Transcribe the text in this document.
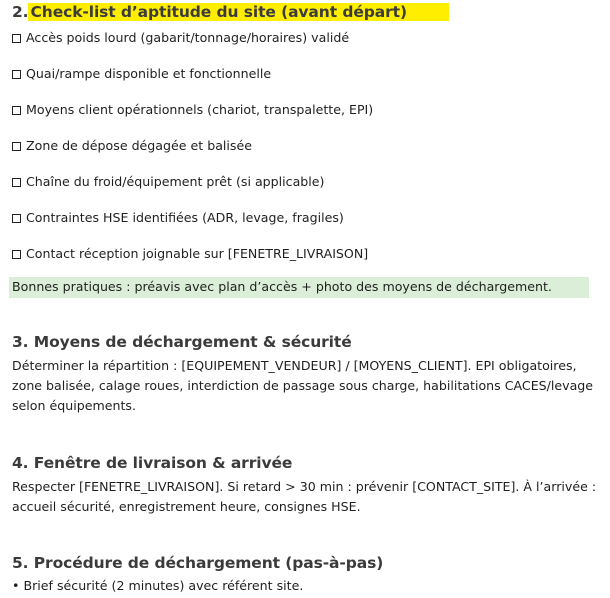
2. Check-list d’aptitude du site (avant départ)
Accès poids lourd (gabarit/tonnage/horaires) validé
Quai/rampe disponible et fonctionnelle
Moyens client opérationnels (chariot, transpalette, EPI)
Zone de dépose dégagée et balisée
Chaîne du froid/équipement prêt (si applicable)
Contraintes HSE identifiées (ADR, levage, fragiles)
Contact réception joignable sur [FENETRE_LIVRAISON]
Bonnes pratiques : préavis avec plan d’accès + photo des moyens de déchargement.
3. Moyens de déchargement & sécurité
Déterminer la répartition : [EQUIPEMENT_VENDEUR] / [MOYENS_CLIENT]. EPI obligatoires, zone balisée, calage roues, interdiction de passage sous charge, habilitations CACES/levage selon équipements.
4. Fenêtre de livraison & arrivée
Respecter [FENETRE_LIVRAISON]. Si retard > 30 min : prévenir [CONTACT_SITE]. À l’arrivée : accueil sécurité, enregistrement heure, consignes HSE.
5. Procédure de déchargement (pas-à-pas)
• Brief sécurité (2 minutes) avec référent site.
